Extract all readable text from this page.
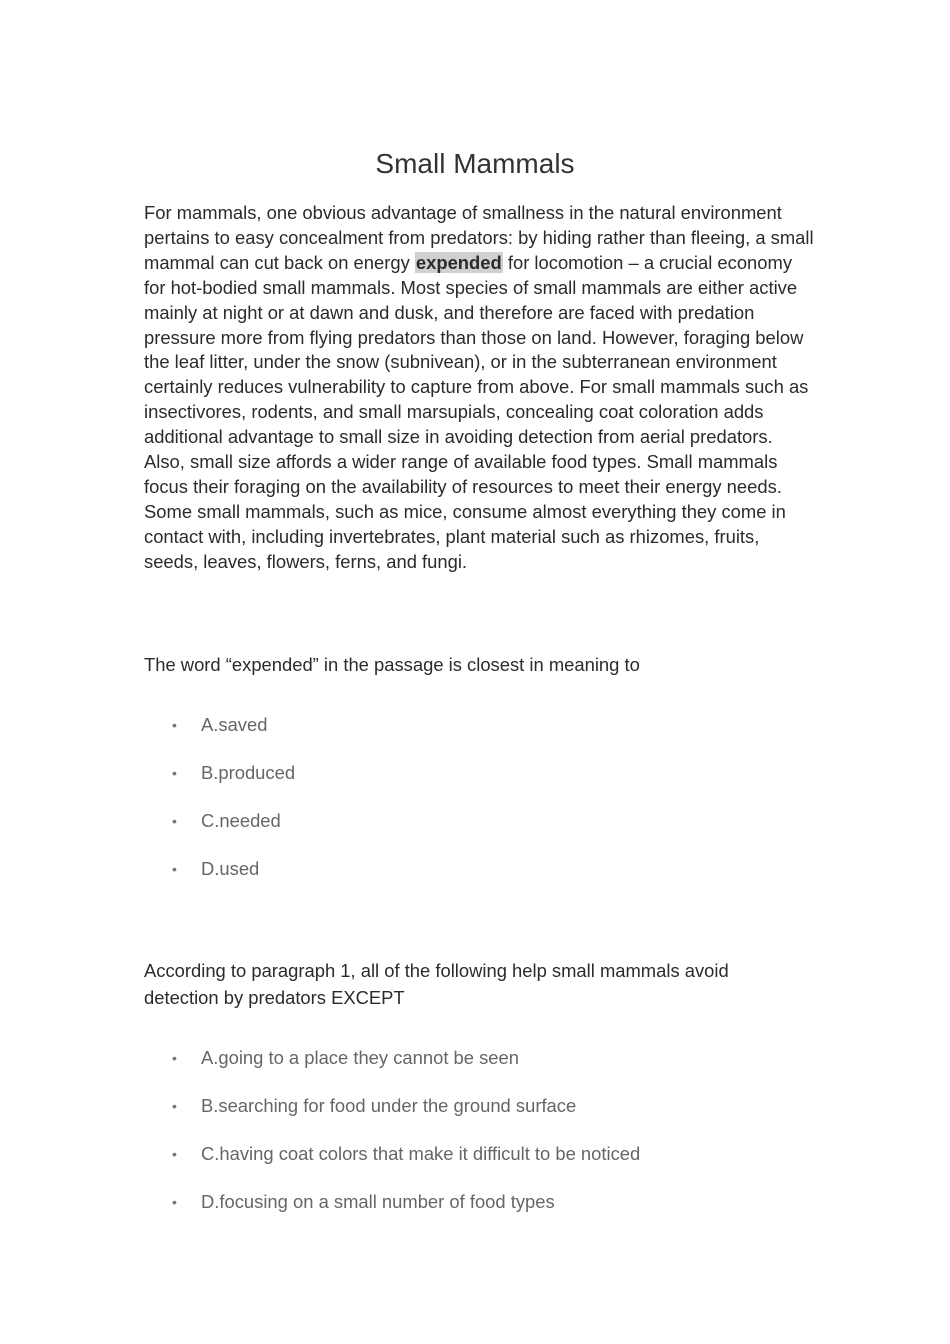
Small Mammals

For mammals, one obvious advantage of smallness in the natural environment pertains to easy concealment from predators: by hiding rather than fleeing, a small mammal can cut back on energy expended for locomotion – a crucial economy for hot-bodied small mammals. Most species of small mammals are either active mainly at night or at dawn and dusk, and therefore are faced with predation pressure more from flying predators than those on land. However, foraging below the leaf litter, under the snow (subnivean), or in the subterranean environment certainly reduces vulnerability to capture from above. For small mammals such as insectivores, rodents, and small marsupials, concealing coat coloration adds additional advantage to small size in avoiding detection from aerial predators. Also, small size affords a wider range of available food types. Small mammals focus their foraging on the availability of resources to meet their energy needs. Some small mammals, such as mice, consume almost everything they come in contact with, including invertebrates, plant material such as rhizomes, fruits, seeds, leaves, flowers, ferns, and fungi.

The word “expended” in the passage is closest in meaning to

• A.saved
• B.produced
• C.needed
• D.used

According to paragraph 1, all of the following help small mammals avoid detection by predators EXCEPT

• A.going to a place they cannot be seen
• B.searching for food under the ground surface
• C.having coat colors that make it difficult to be noticed
• D.focusing on a small number of food types
